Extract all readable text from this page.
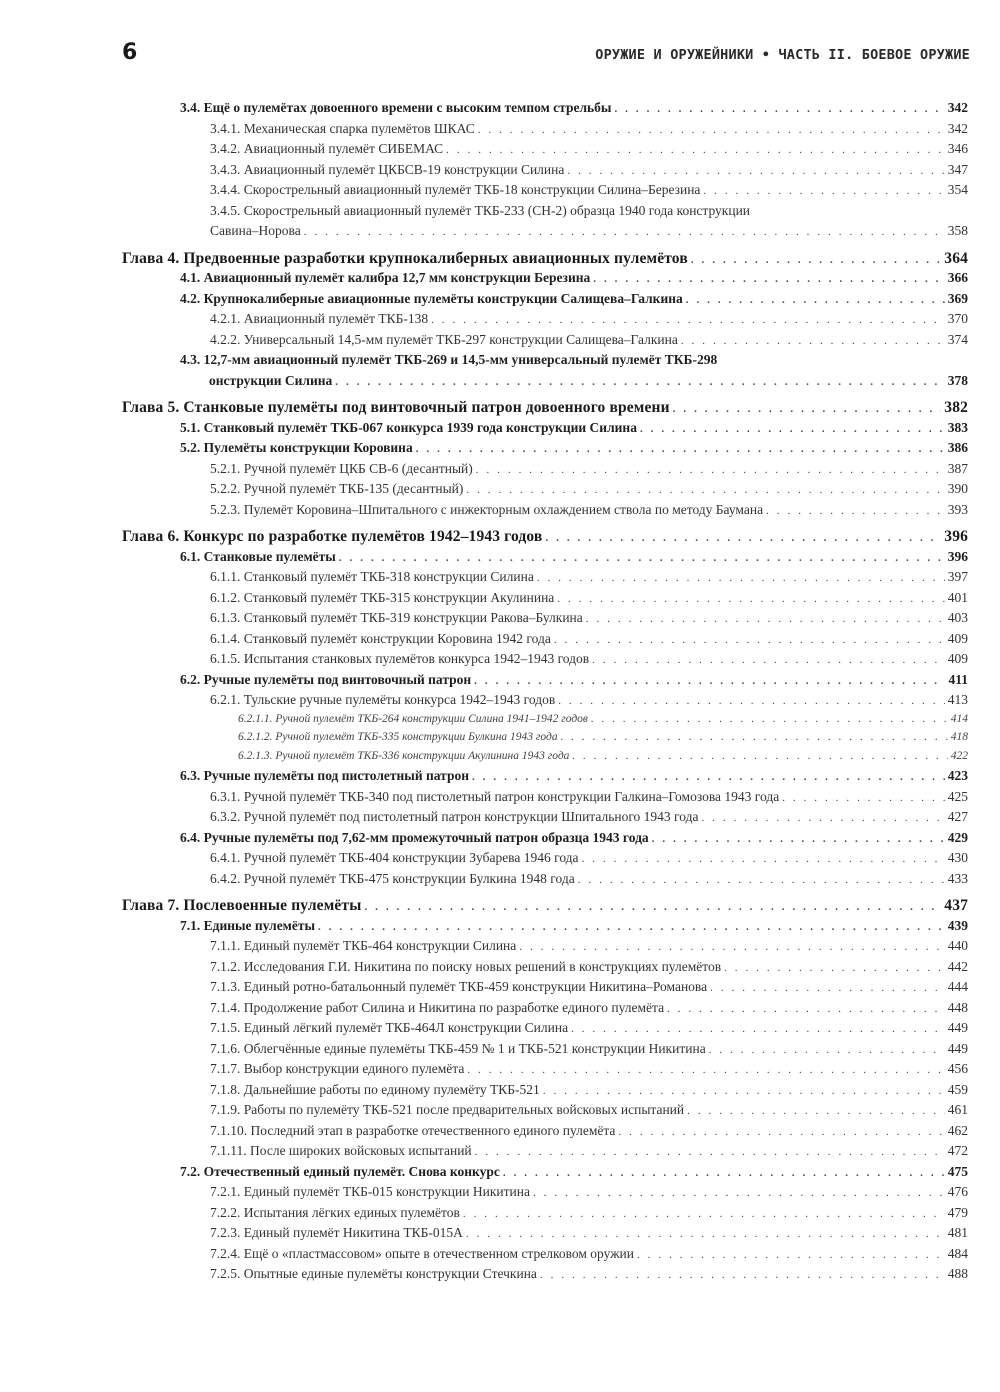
6	ОРУЖИЕ И ОРУЖЕЙНИКИ • ЧАСТЬ II. БОЕВОЕ ОРУЖИЕ
3.4. Ещё о пулемётах довоенного времени с высоким темпом стрельбы . . .	342
3.4.1. Механическая спарка пулемётов ШКАС . . .	342
3.4.2. Авиационный пулемёт СИБЕМАС . . .	346
3.4.3. Авиационный пулемёт ЦКБСВ-19 конструкции Силина . . .	347
3.4.4. Скорострельный авиационный пулемёт ТКБ-18 конструкции Силина–Березина . . .	354
3.4.5. Скорострельный авиационный пулемёт ТКБ-233 (СН-2) образца 1940 года конструкции
Савина–Норова . . .	358
Глава 4. Предвоенные разработки крупнокалиберных авиационных пулемётов . . .	364
4.1. Авиационный пулемёт калибра 12,7 мм конструкции Березина . . .	366
4.2. Крупнокалиберные авиационные пулемёты конструкции Салищева–Галкина . . .	369
4.2.1. Авиационный пулемёт ТКБ-138 . . .	370
4.2.2. Универсальный 14,5-мм пулемёт ТКБ-297 конструкции Салищева–Галкина . . .	374
4.3. 12,7-мм авиационный пулемёт ТКБ-269 и 14,5-мм универсальный пулемёт ТКБ-298
онструкции Силина . . .	378
Глава 5. Станковые пулемёты под винтовочный патрон довоенного времени . . .	382
5.1. Станковый пулемёт ТКБ-067 конкурса 1939 года конструкции Силина . . .	383
5.2. Пулемёты конструкции Коровина . . .	386
5.2.1. Ручной пулемёт ЦКБ СВ-6 (десантный) . . .	387
5.2.2. Ручной пулемёт ТКБ-135 (десантный) . . .	390
5.2.3. Пулемёт Коровина–Шпитального с инжекторным охлаждением ствола по методу Баумана . . .	393
Глава 6. Конкурс по разработке пулемётов 1942–1943 годов . . .	396
6.1. Станковые пулемёты . . .	396
6.1.1. Станковый пулемёт ТКБ-318 конструкции Силина . . .	397
6.1.2. Станковый пулемёт ТКБ-315 конструкции Акулинина . . .	401
6.1.3. Станковый пулемёт ТКБ-319 конструкции Ракова–Булкина . . .	403
6.1.4. Станковый пулемёт конструкции Коровина 1942 года . . .	409
6.1.5. Испытания станковых пулемётов конкурса 1942–1943 годов . . .	409
6.2. Ручные пулемёты под винтовочный патрон . . .	411
6.2.1. Тульские ручные пулемёты конкурса 1942–1943 годов . . .	413
6.2.1.1. Ручной пулемёт ТКБ-264 конструкции Силина 1941–1942 годов . . .	414
6.2.1.2. Ручной пулемёт ТКБ-335 конструкции Булкина 1943 года . . .	418
6.2.1.3. Ручной пулемёт ТКБ-336 конструкции Акулинина 1943 года . . .	422
6.3. Ручные пулемёты под пистолетный патрон . . .	423
6.3.1. Ручной пулемёт ТКБ-340 под пистолетный патрон конструкции Галкина–Гомозова 1943 года . . .	425
6.3.2. Ручной пулемёт под пистолетный патрон конструкции Шпитального 1943 года . . .	427
6.4. Ручные пулемёты под 7,62-мм промежуточный патрон образца 1943 года . . .	429
6.4.1. Ручной пулемёт ТКБ-404 конструкции Зубарева 1946 года . . .	430
6.4.2. Ручной пулемёт ТКБ-475 конструкции Булкина 1948 года . . .	433
Глава 7. Послевоенные пулемёты . . .	437
7.1. Единые пулемёты . . .	439
7.1.1. Единый пулемёт ТКБ-464 конструкции Силина . . .	440
7.1.2. Исследования Г.И. Никитина по поиску новых решений в конструкциях пулемётов . . .	442
7.1.3. Единый ротно-батальонный пулемёт ТКБ-459 конструкции Никитина–Романова . . .	444
7.1.4. Продолжение работ Силина и Никитина по разработке единого пулемёта . . .	448
7.1.5. Единый лёгкий пулемёт ТКБ-464Л конструкции Силина . . .	449
7.1.6. Облегчённые единые пулемёты ТКБ-459 № 1 и ТКБ-521 конструкции Никитина . . .	449
7.1.7. Выбор конструкции единого пулемёта . . .	456
7.1.8. Дальнейшие работы по единому пулемёту ТКБ-521 . . .	459
7.1.9. Работы по пулемёту ТКБ-521 после предварительных войсковых испытаний . . .	461
7.1.10. Последний этап в разработке отечественного единого пулемёта . . .	462
7.1.11. После широких войсковых испытаний . . .	472
7.2. Отечественный единый пулемёт. Снова конкурс . . .	475
7.2.1. Единый пулемёт ТКБ-015 конструкции Никитина . . .	476
7.2.2. Испытания лёгких единых пулемётов . . .	479
7.2.3. Единый пулемёт Никитина ТКБ-015А . . .	481
7.2.4. Ещё о «пластмассовом» опыте в отечественном стрелковом оружии . . .	484
7.2.5. Опытные единые пулемёты конструкции Стечкина . . .	488
